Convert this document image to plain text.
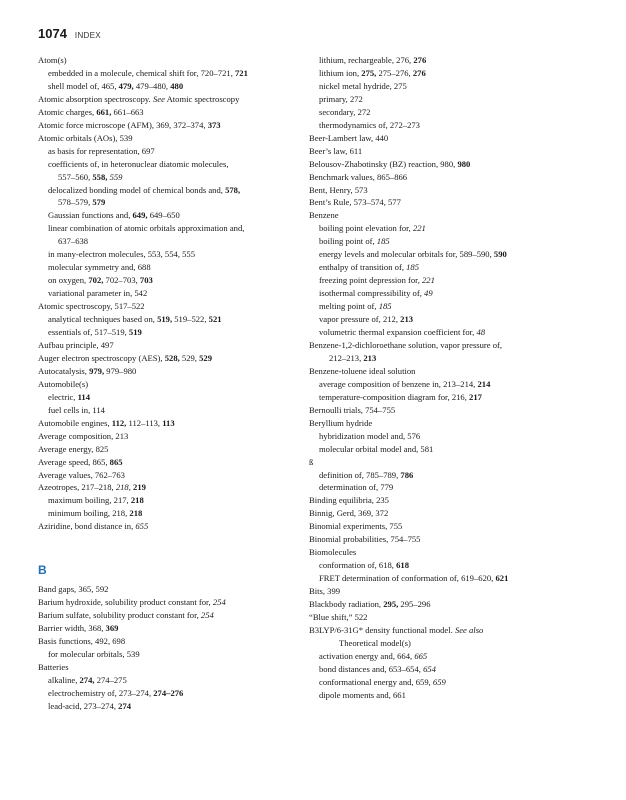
1074 INDEX
Atom(s)
embedded in a molecule, chemical shift for, 720–721, 721
shell model of, 465, 479, 479–480, 480
Atomic absorption spectroscopy. See Atomic spectroscopy
Atomic charges, 661, 661–663
Atomic force microscope (AFM), 369, 372–374, 373
Atomic orbitals (AOs), 539
as basis for representation, 697
coefficients of, in heteronuclear diatomic molecules,
557–560, 558, 559
delocalized bonding model of chemical bonds and, 578,
578–579, 579
Gaussian functions and, 649, 649–650
linear combination of atomic orbitals approximation and,
637–638
in many-electron molecules, 553, 554, 555
molecular symmetry and, 688
on oxygen, 702, 702–703, 703
variational parameter in, 542
Atomic spectroscopy, 517–522
analytical techniques based on, 519, 519–522, 521
essentials of, 517–519, 519
Aufbau principle, 497
Auger electron spectroscopy (AES), 528, 529, 529
Autocatalysis, 979, 979–980
Automobile(s)
electric, 114
fuel cells in, 114
Automobile engines, 112, 112–113, 113
Average composition, 213
Average energy, 825
Average speed, 865, 865
Average values, 762–763
Azeotropes, 217–218, 218, 219
maximum boiling, 217, 218
minimum boiling, 218, 218
Aziridine, bond distance in, 655
B
Band gaps, 365, 592
Barium hydroxide, solubility product constant for, 254
Barium sulfate, solubility product constant for, 254
Barrier width, 368, 369
Basis functions, 492, 698
for molecular orbitals, 539
Batteries
alkaline, 274, 274–275
electrochemistry of, 273–274, 274–276
lead-acid, 273–274, 274
lithium, rechargeable, 276, 276
lithium ion, 275, 275–276, 276
nickel metal hydride, 275
primary, 272
secondary, 272
thermodynamics of, 272–273
Beer-Lambert law, 440
Beer’s law, 611
Belousov-Zhabotinsky (BZ) reaction, 980, 980
Benchmark values, 865–866
Bent, Henry, 573
Bent’s Rule, 573–574, 577
Benzene
boiling point elevation for, 221
boiling point of, 185
energy levels and molecular orbitals for, 589–590, 590
enthalpy of transition of, 185
freezing point depression for, 221
isothermal compressibility of, 49
melting point of, 185
vapor pressure of, 212, 213
volumetric thermal expansion coefficient for, 48
Benzene-1,2-dichloroethane solution, vapor pressure of,
212–213, 213
Benzene-toluene ideal solution
average composition of benzene in, 213–214, 214
temperature-composition diagram for, 216, 217
Bernoulli trials, 754–755
Beryllium hydride
hybridization model and, 576
molecular orbital model and, 581
ß
definition of, 785–789, 786
determination of, 779
Binding equilibria, 235
Binnig, Gerd, 369, 372
Binomial experiments, 755
Binomial probabilities, 754–755
Biomolecules
conformation of, 618, 618
FRET determination of conformation of, 619–620, 621
Bits, 399
Blackbody radiation, 295, 295–296
“Blue shift,” 522
B3LYP/6-31G* density functional model. See also
Theoretical model(s)
activation energy and, 664, 665
bond distances and, 653–654, 654
conformational energy and, 659, 659
dipole moments and, 661
